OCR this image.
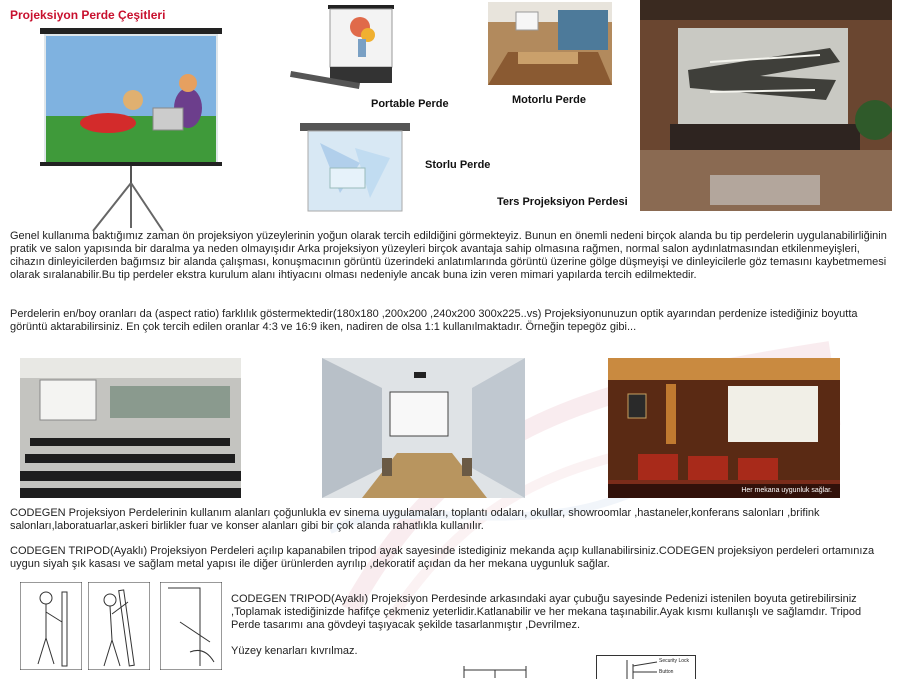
Projeksiyon Perde Çeşitleri
Portable Perde	Motorlu Perde
Storlu Perde
Ters Projeksiyon Perdesi
Genel kullanıma baktığımız zaman ön projeksiyon yüzeylerinin yoğun olarak tercih edildiğini görmekteyiz. Bunun en önemli nedeni birçok alanda bu tip perdelerin uygulanabilirliğinin pratik ve salon yapısında bir daralma ya neden olmayışıdır Arka projeksiyon yüzeyleri birçok avantaja sahip olmasına rağmen, normal salon aydınlatmasından etkilenmeyişleri, cihazın dinleyicilerden bağımsız bir alanda çalışması, konuşmacının görüntü üzerindeki anlatımlarında görüntü üzerine gölge düşmeyişi ve dinleyicilerle göz temasını kaybetmemesi olarak sıralanabilir.Bu tip perdeler ekstra kurulum alanı ihtiyacını olması nedeniyle ancak buna izin veren mimari yapılarda tercih edilmektedir.
Perdelerin en/boy oranları da (aspect ratio) farklılık göstermektedir(180x180 ,200x200 ,240x200 300x225..vs) Projeksiyonunuzun optik ayarından perdenize istediğiniz boyutta görüntü aktarabilirsiniz. En çok tercih edilen oranlar 4:3 ve 16:9 iken, nadiren de olsa 1:1 kullanılmaktadır. Örneğin tepegöz gibi...
Her mekana uygunluk sağlar.
CODEGEN Projeksiyon Perdelerinin kullanım alanları çoğunlukla ev sinema uygulamaları, toplantı odaları, okullar, showroomlar ,hastaneler,konferans salonları ,brifink salonları,laboratuarlar,askeri birlikler fuar ve konser alanları gibi bir çok alanda rahatlıkla kullanılır.
CODEGEN TRIPOD(Ayaklı) Projeksiyon Perdeleri açılıp kapanabilen tripod ayak sayesinde istediginiz mekanda açıp kullanabilirsiniz.CODEGEN projeksiyon perdeleri ortamınıza uygun siyah şık kasası ve sağlam metal yapısı ile diğer ürünlerden ayrılıp ,dekoratif açıdan da her mekana uygunluk sağlar.
CODEGEN TRIPOD(Ayaklı) Projeksiyon Perdesinde arkasındaki ayar çubuğu sayesinde Pedenizi istenilen boyuta getirebilirsiniz ,Toplamak istediğinizde hafifçe çekmeniz yeterlidir.Katlanabilir ve her mekana taşınabilir.Ayak kısmı kullanışlı ve sağlamdır. Tripod Perde tasarımı ana gövdeyi taşıyacak şekilde tasarlanmıştır ,Devrilmez.
Yüzey kenarları kıvrılmaz.
Security Lock
Button
